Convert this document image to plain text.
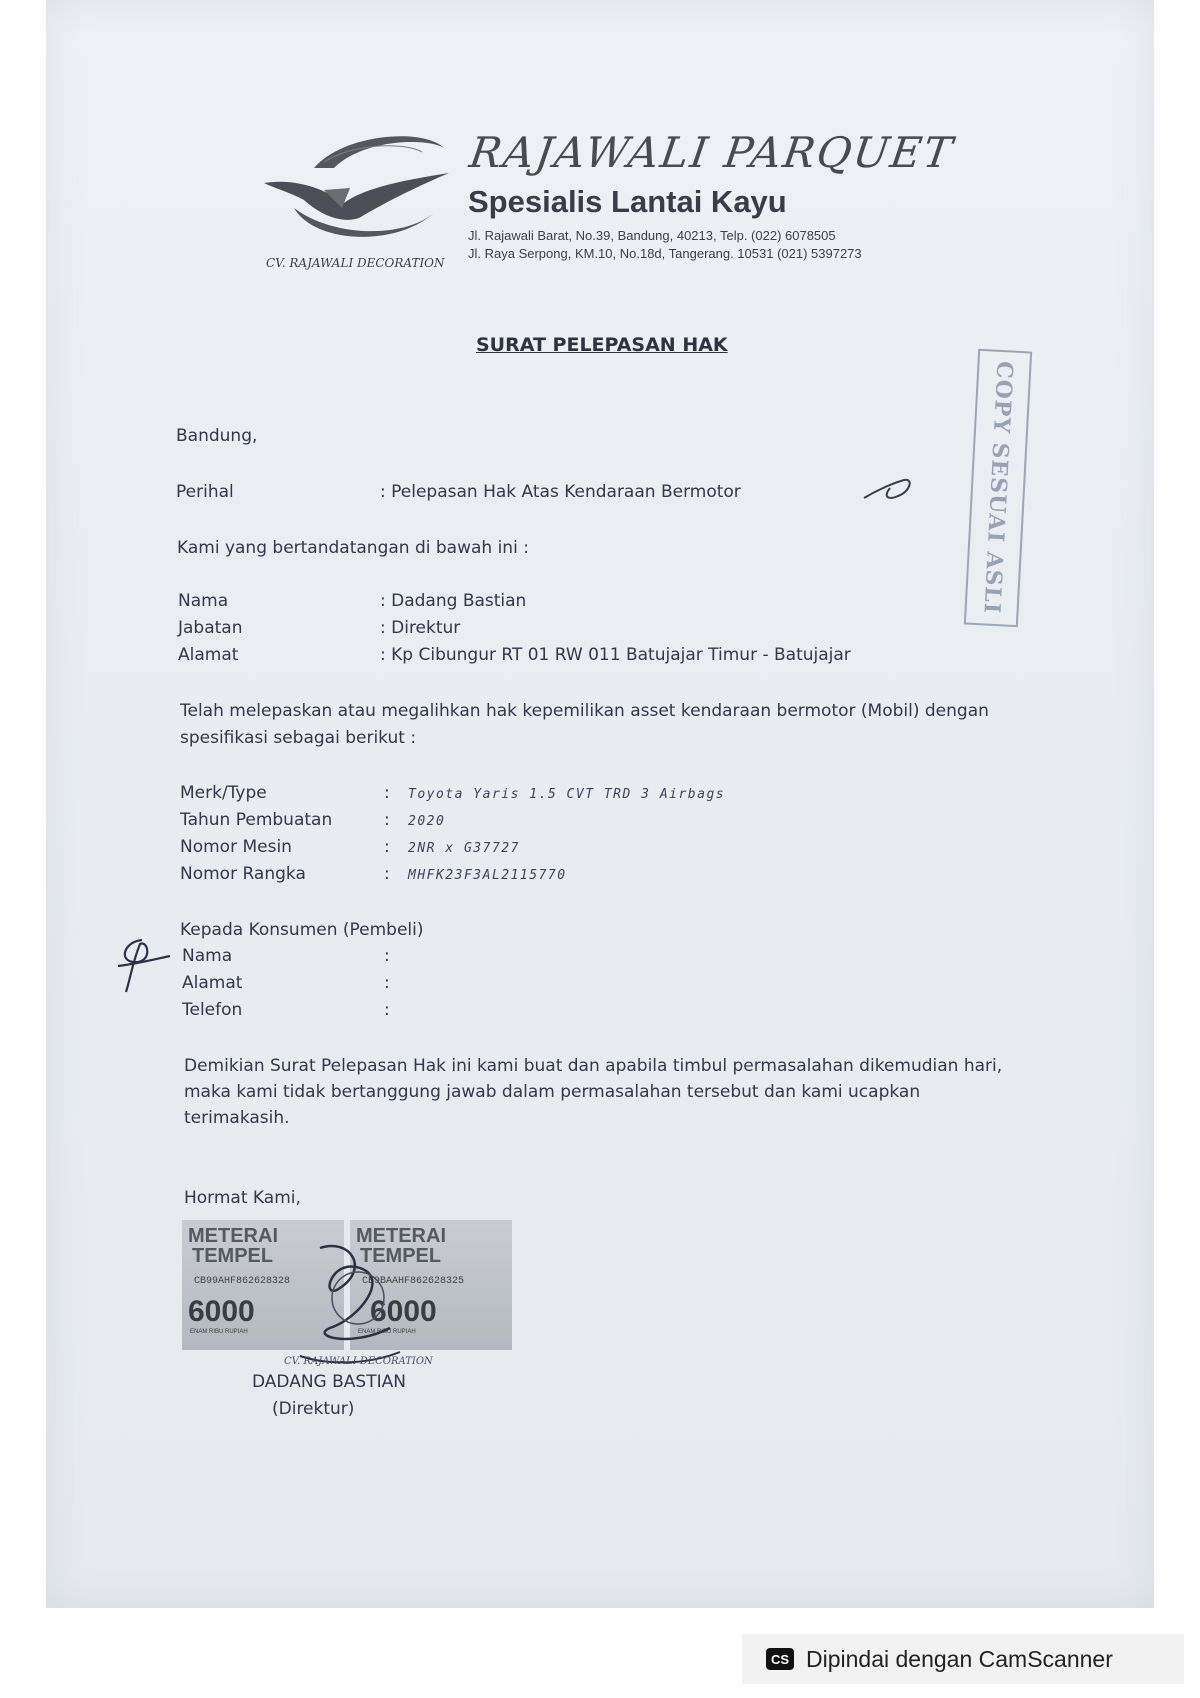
RAJAWALI PARQUET
Spesialis Lantai Kayu
Jl. Rajawali Barat, No.39, Bandung, 40213, Telp. (022) 6078505
Jl. Raya Serpong, KM.10, No.18d, Tangerang. 10531 (021) 5397273
CV. RAJAWALI DECORATION
SURAT PELEPASAN HAK
Bandung,
Perihal	: Pelepasan Hak Atas Kendaraan Bermotor	COPY SESUAI ASLI
Kami yang bertandatangan di bawah ini :
Nama	: Dadang Bastian
Jabatan	: Direktur
Alamat	: Kp Cibungur RT 01 RW 011 Batujajar Timur - Batujajar
Telah melepaskan atau megalihkan hak kepemilikan asset kendaraan bermotor (Mobil) dengan
spesifikasi sebagai berikut :
Merk/Type	: Toyota Yaris 1.5 CVT TRD 3 Airbags
Tahun Pembuatan	: 2020
Nomor Mesin	: 2NR x G37727
Nomor Rangka	: MHFK23F3AL2115770
Kepada Konsumen (Pembeli)
Nama	:
Alamat	:
Telefon	:
Demikian Surat Pelepasan Hak ini kami buat dan apabila timbul permasalahan dikemudian hari,
maka kami tidak bertanggung jawab dalam permasalahan tersebut dan kami ucapkan
terimakasih.
Hormat Kami,
METERAI
TEMPEL
CB99AHF862628328
6000
ENAM RIBU RUPIAH
METERAI
TEMPEL
CB9BAAHF862628325
6000
ENAM RIBU RUPIAH
CV. RAJAWALI DECORATION
DADANG BASTIAN
(Direktur)
CS Dipindai dengan CamScanner
